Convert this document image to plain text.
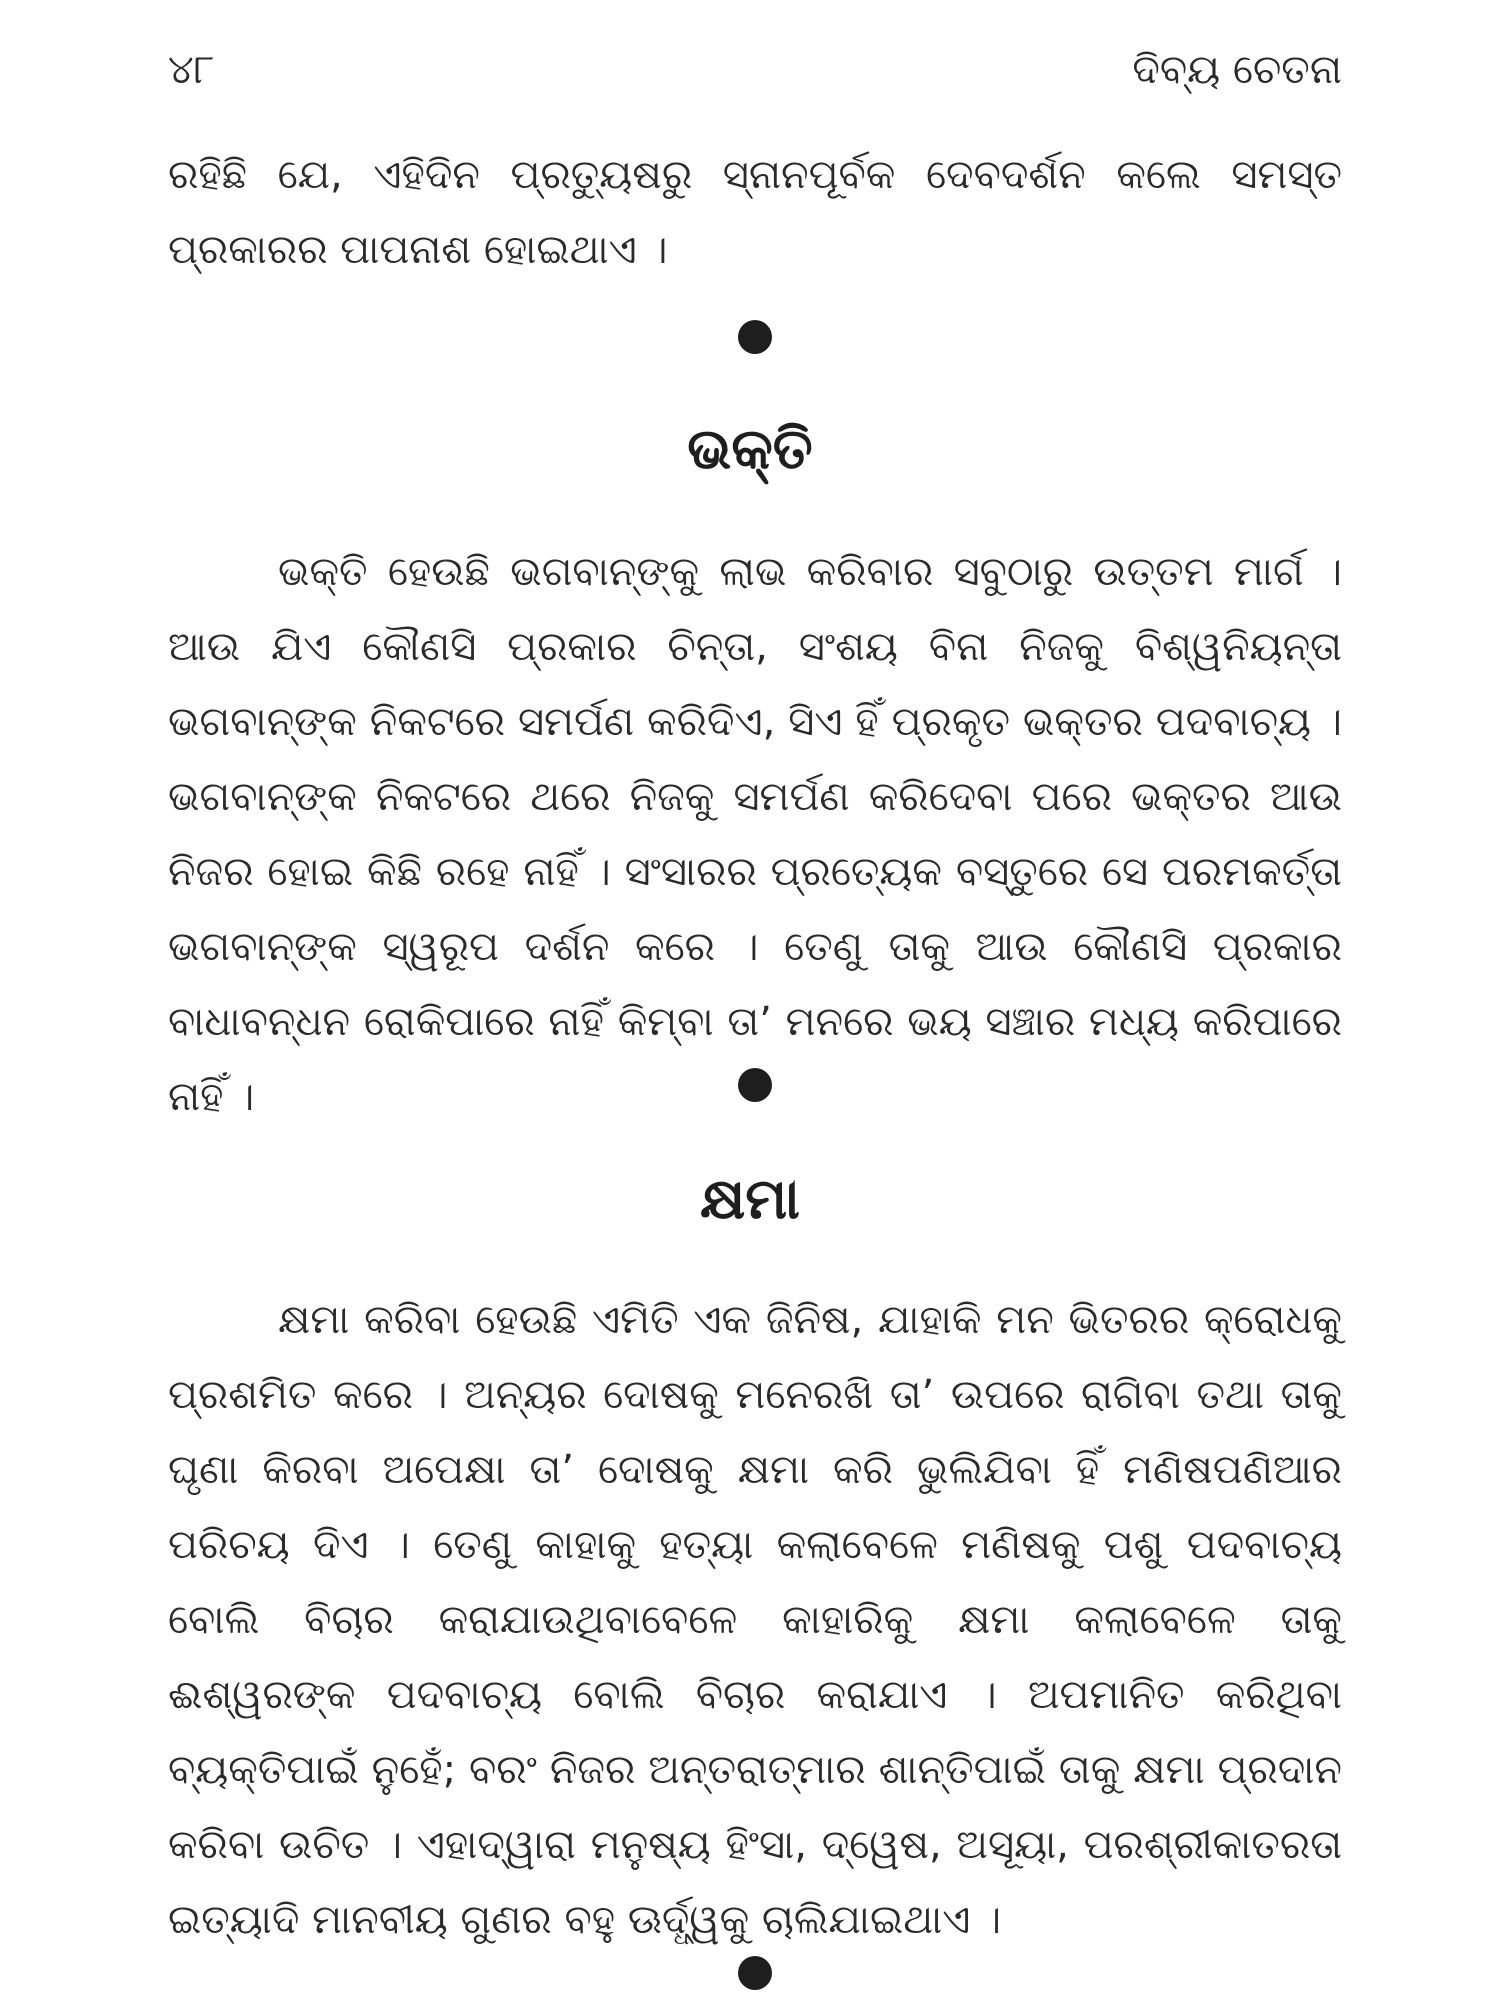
୪୮	ଦିବ୍ୟ ଚେତନା

ରହିଛି ଯେ, ଏହିଦିନ ପ୍ରତ୍ୟୁଷରୁ ସ୍ନାନପୂର୍ବକ ଦେବଦର୍ଶନ କଲେ ସମସ୍ତ ପ୍ରକାରର ପାପନାଶ ହୋଇଥାଏ ।

ଭକ୍ତି

ଭକ୍ତି ହେଉଛି ଭଗବାନ୍‌ଙ୍କୁ ଲାଭ କରିବାର ସବୁଠାରୁ ଉତ୍ତମ ମାର୍ଗ । ଆଉ ଯିଏ କୌଣସି ପ୍ରକାର ଚିନ୍ତା, ସଂଶୟ ବିନା ନିଜକୁ ବିଶ୍ୱନିୟନ୍ତା ଭଗବାନ୍‌ଙ୍କ ନିକଟରେ ସମର୍ପଣ କରିଦିଏ, ସିଏ ହିଁ ପ୍ରକୃତ ଭକ୍ତର ପଦବାଚ୍ୟ । ଭଗବାନ୍‌ଙ୍କ ନିକଟରେ ଥରେ ନିଜକୁ ସମର୍ପଣ କରିଦେବା ପରେ ଭକ୍ତର ଆଉ ନିଜର ହୋଇ କିଛି ରହେ ନାହିଁ । ସଂସାରର ପ୍ରତ୍ୟେକ ବସ୍ତୁରେ ସେ ପରମକର୍ତ୍ତା ଭଗବାନ୍‌ଙ୍କ ସ୍ୱରୂପ ଦର୍ଶନ କରେ । ତେଣୁ ତାକୁ ଆଉ କୌଣସି ପ୍ରକାର ବାଧାବନ୍ଧନ ରୋକିପାରେ ନାହିଁ କିମ୍ବା ତା’ ମନରେ ଭୟ ସଞ୍ଚାର ମଧ୍ୟ କରିପାରେ ନାହିଁ ।

କ୍ଷମା

କ୍ଷମା କରିବା ହେଉଛି ଏମିତି ଏକ ଜିନିଷ, ଯାହାକି ମନ ଭିତରର କ୍ରୋଧକୁ ପ୍ରଶମିତ କରେ । ଅନ୍ୟର ଦୋଷକୁ ମନେରଖି ତା’ ଉପରେ ରାଗିବା ତଥା ତାକୁ ଘୃଣା କିରବା ଅପେକ୍ଷା ତା’ ଦୋଷକୁ କ୍ଷମା କରି ଭୁଲିଯିବା ହିଁ ମଣିଷପଣିଆର ପରିଚୟ ଦିଏ । ତେଣୁ କାହାକୁ ହତ୍ୟା କଲାବେଳେ ମଣିଷକୁ ପଶୁ ପଦବାଚ୍ୟ ବୋଲି ବିଚାର କରାଯାଉଥିବାବେଳେ କାହାରିକୁ କ୍ଷମା କଲାବେଳେ ତାକୁ ଈଶ୍ୱରଙ୍କ ପଦବାଚ୍ୟ ବୋଲି ବିଚାର କରାଯାଏ । ଅପମାନିତ କରିଥିବା ବ୍ୟକ୍ତିପାଇଁ ନୁହେଁ; ବରଂ ନିଜର ଅନ୍ତରାତ୍ମାର ଶାନ୍ତିପାଇଁ ତାକୁ କ୍ଷମା ପ୍ରଦାନ କରିବା ଉଚିତ । ଏହାଦ୍ୱାରା ମନୁଷ୍ୟ ହିଂସା, ଦ୍ୱେଷ, ଅସୂୟା, ପରଶ୍ରୀକାତରତା ଇତ୍ୟାଦି ମାନବୀୟ ଗୁଣର ବହୁ ଊର୍ଦ୍ଧ୍ୱକୁ ଚାଲିଯାଇଥାଏ ।
